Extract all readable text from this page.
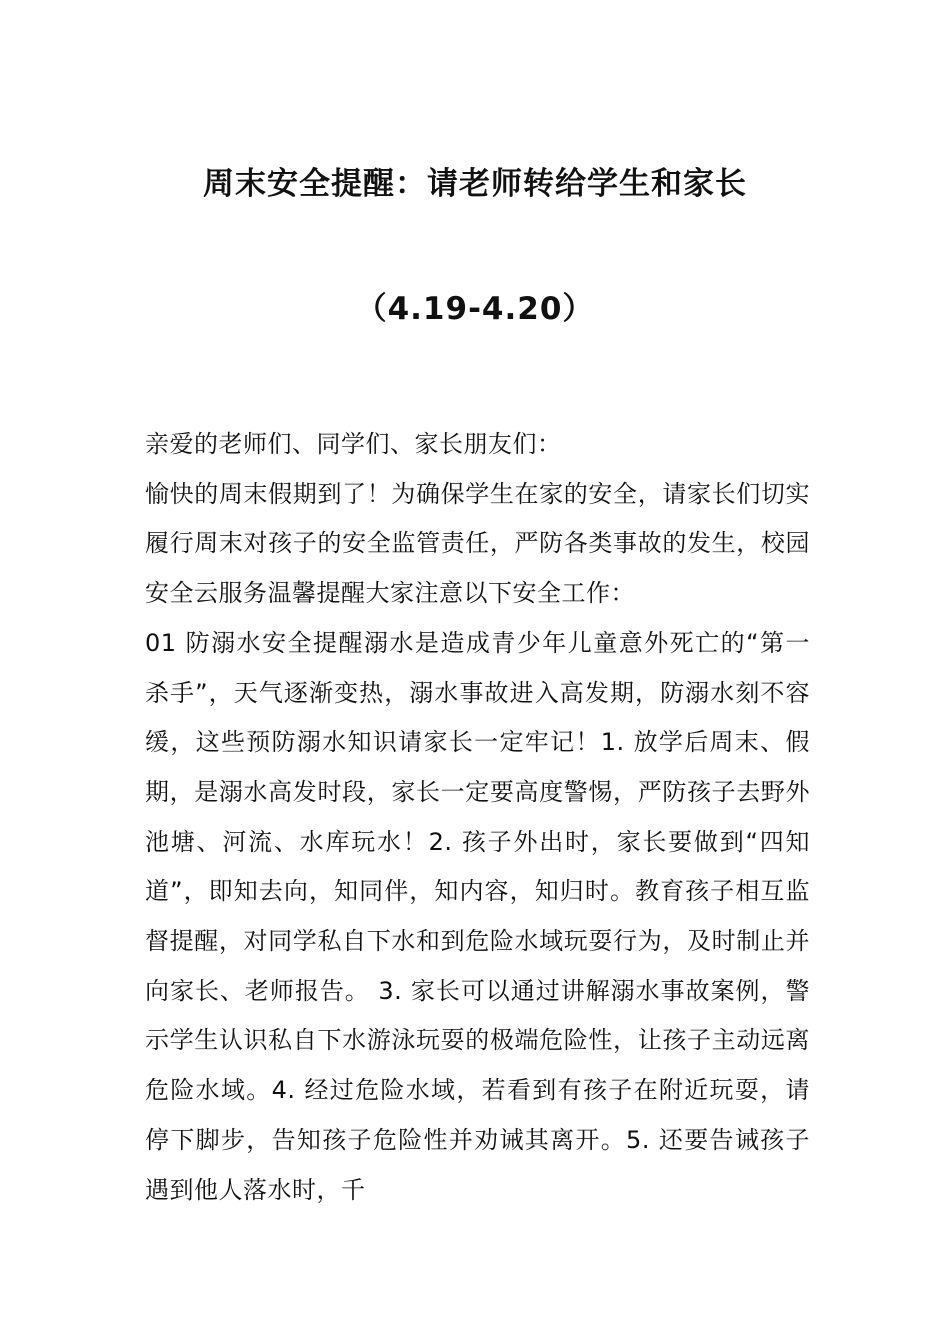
周末安全提醒：请老师转给学生和家长
（4.19-4.20）

亲爱的老师们、同学们、家长朋友们：

愉快的周末假期到了！为确保学生在家的安全，请家长们切实履行周末对孩子的安全监管责任，严防各类事故的发生，校园安全云服务温馨提醒大家注意以下安全工作：

01 防溺水安全提醒溺水是造成青少年儿童意外死亡的“第一杀手”，天气逐渐变热，溺水事故进入高发期，防溺水刻不容缓，这些预防溺水知识请家长一定牢记！1. 放学后周末、假期，是溺水高发时段，家长一定要高度警惕，严防孩子去野外池塘、河流、水库玩水！2. 孩子外出时，家长要做到“四知道”，即知去向，知同伴，知内容，知归时。教育孩子相互监督提醒，对同学私自下水和到危险水域玩耍行为，及时制止并向家长、老师报告。 3. 家长可以通过讲解溺水事故案例，警示学生认识私自下水游泳玩耍的极端危险性，让孩子主动远离危险水域。4. 经过危险水域，若看到有孩子在附近玩耍，请停下脚步，告知孩子危险性并劝诫其离开。5. 还要告诫孩子遇到他人落水时，千
